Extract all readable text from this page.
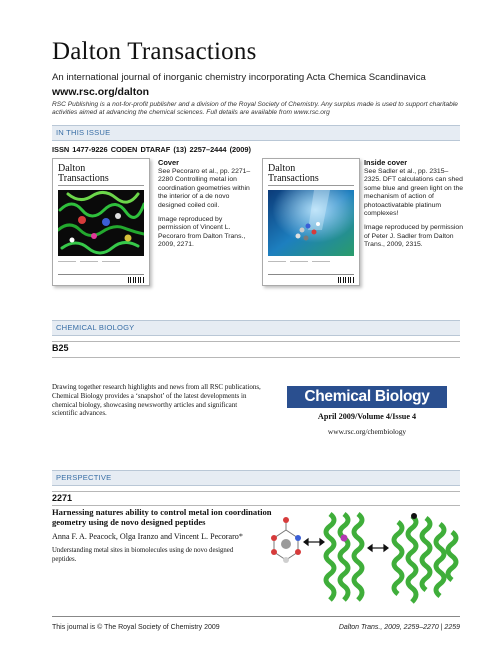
Dalton Transactions
An international journal of inorganic chemistry incorporating Acta Chemica Scandinavica
www.rsc.org/dalton
RSC Publishing is a not-for-profit publisher and a division of the Royal Society of Chemistry. Any surplus made is used to support charitable activities aimed at advancing the chemical sciences. Full details are available from www.rsc.org
IN THIS ISSUE
ISSN 1477-9226 CODEN DTARAF (13) 2257–2444 (2009)
Dalton
Transactions
Cover

See Pecoraro et al., pp. 2271–2280 Controlling metal ion coordination geometries within the interior of a de novo designed coiled coil.

Image reproduced by permission of Vincent L. Pecoraro from Dalton Trans., 2009, 2271.

Dalton
Transactions
Inside cover

See Sadler et al., pp. 2315–2325. DFT calculations can shed some blue and green light on the mechanism of action of photoactivatable platinum complexes!

Image reproduced by permission of Peter J. Sadler from Dalton Trans., 2009, 2315.

CHEMICAL BIOLOGY
B25
Drawing together research highlights and news from all RSC publications, Chemical Biology provides a ‘snapshot’ of the latest developments in chemical biology, showcasing newsworthy articles and significant scientific advances.
Chemical Biology
April 2009/Volume 4/Issue 4
www.rsc.org/chembiology
PERSPECTIVE
2271
Harnessing natures ability to control metal ion coordination geometry using de novo designed peptides
Anna F. A. Peacock, Olga Iranzo and Vincent L. Pecoraro*
Understanding metal sites in biomolecules using de novo designed peptides.
This journal is © The Royal Society of Chemistry 2009	Dalton Trans., 2009, 2259–2270 | 2259
